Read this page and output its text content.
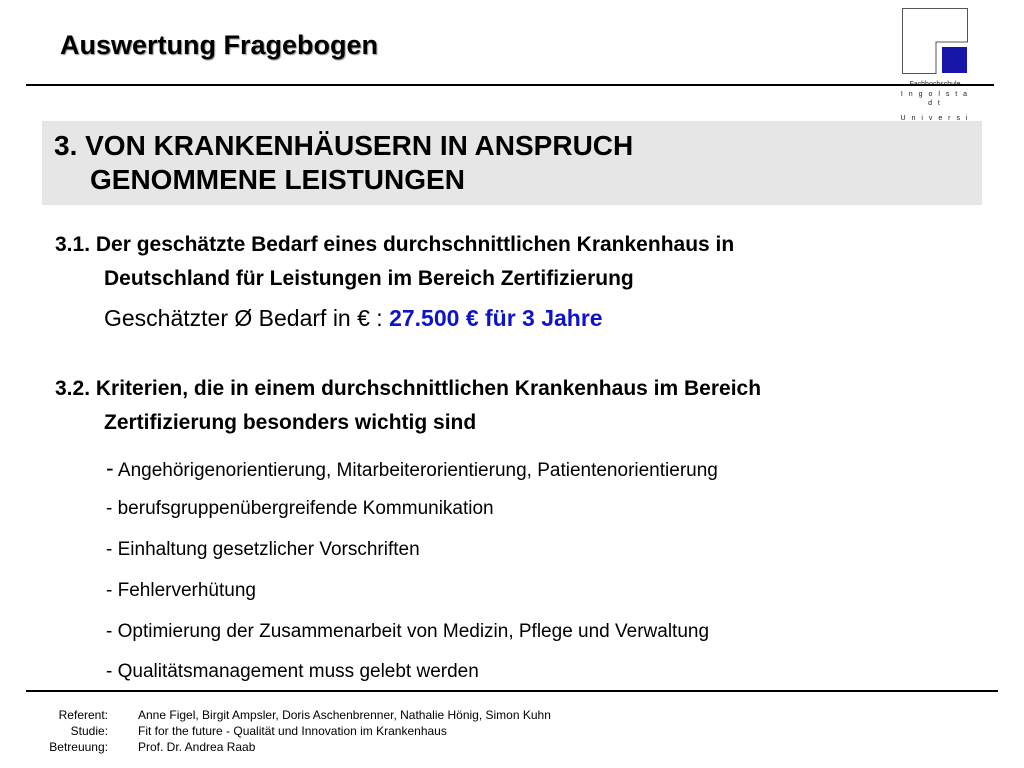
Auswertung Fragebogen
I n g o l s t a d t
U n i v e r s i
3. VON KRANKENHÄUSERN IN ANSPRUCH
GENOMMENE LEISTUNGEN
3.1. Der geschätzte Bedarf eines durchschnittlichen Krankenhaus in
Deutschland für Leistungen im Bereich Zertifizierung
Geschätzter Ø Bedarf in € : 27.500 € für 3 Jahre
3.2. Kriterien, die in einem durchschnittlichen Krankenhaus im Bereich
Zertifizierung besonders wichtig sind
- Angehörigenorientierung, Mitarbeiterorientierung, Patientenorientierung
- berufsgruppenübergreifende Kommunikation
- Einhaltung gesetzlicher Vorschriften
- Fehlerverhütung
- Optimierung der Zusammenarbeit von Medizin, Pflege und Verwaltung
- Qualitätsmanagement muss gelebt werden
Referent:
Studie:
Betreuung:
Anne Figel, Birgit Ampsler, Doris Aschenbrenner, Nathalie Hönig, Simon Kuhn
Fit for the future - Qualität und Innovation im Krankenhaus
Prof. Dr. Andrea Raab
